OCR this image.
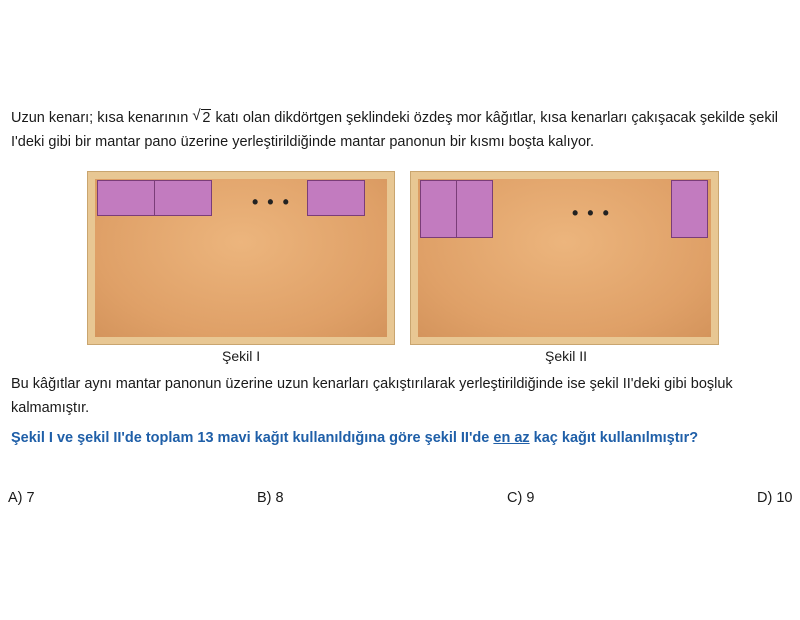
Uzun kenarı; kısa kenarının √ 2 katı olan dikdörtgen şeklindeki özdeş mor kâğıtlar, kısa kenarları çakışacak şekilde şekil I'deki gibi bir mantar pano üzerine yerleştirildiğinde mantar panonun bir kısmı boşta kalıyor.

• • •
• • •
Şekil I	Şekil II

Bu kâğıtlar aynı mantar panonun üzerine uzun kenarları çakıştırılarak yerleştirildiğinde ise şekil II'deki gibi boşluk kalmamıştır.

Şekil I ve şekil II'de toplam 13 mavi kağıt kullanıldığına göre şekil II'de en az kaç kağıt kullanılmıştır?

A) 7	B) 8	C) 9	D) 10
